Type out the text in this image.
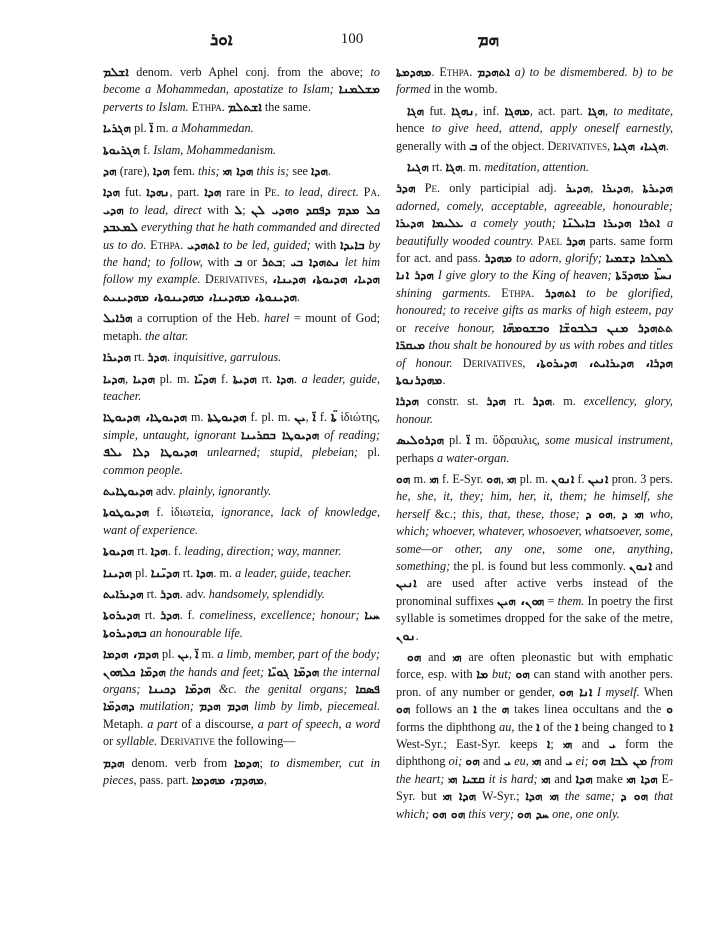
ܐܘܪ	100	ܗܡ

ܐܫܠܡ denom. verb Aphel conj. from the above; to become a Mohammedan, apostatize to Islam; ܡܫܠܡܢܐ perverts to Islam. Ethpa. ܐܫܬܠܡ the same.

ܗܓܪܝܐ pl. ܐ̈ m. a Mohammedan.

ܗܓܪܝܘܬܐ f. Islam, Mohammedanism.

ܗܕ (rare), ܗܕܐ fem. this; ܗܕܐ ܗܝ this is; see ܗܕܐ.

ܗܕܐ fut. ܢܗܕܐ, part. ܗܕܐ rare in Pe. to lead, direct. Pa. ܗܕܝ to lead, direct with ܠ; ܟܠ ܡܕܡ ܕܦܩܕ ܘܗܕܝ ܠܢ ܠܡܥܒܕ everything that he hath commanded and directed us to do. Ethpa. ܐܬܗܕܝ to be led, guided; with ܒܐܝܕܐ by the hand; to follow, with ܒ or ܒܬܪ; ܢܬܗܕܐ ܒܝ let him follow my example. Derivatives, ܗܕܝܐ، ܗܕܝܘܬܐ، ܗܕܝܢܐ، ܗܕܝܢܘܬܐ، ܡܗܕܝܢܐ، ܡܗܕܝܢܘܬܐ، ܡܗܕܝܢܝܬ.

ܗܪܐܝܠ a corruption of the Heb. harel = mount of God; metaph. the altar.

ܗܕܝܪܐ rt. ܗܕܪ. inquisitive, garrulous.

ܗܕܝܐ, ܗܕܝܐ pl. m. ܗܕܝ̈ܐ f. ܗܕܝܬܐ rt. ܗܕܐ. a leader, guide, teacher.

ܗܕܝܘܛܐ، ܗܕܝܘܛܐ m. ܗܕܝܘܛܬܐ f. pl. m. ܝܢ, ܐ̈ f. ܬܐ̈ ἰδιώτης, simple, untaught, ignorant ܗܕܝܘܛܐ ܒܩܪܝܢܐ of reading; ܗܕܝܘܛܐ ܕܠܐ ܝܠܦ unlearned; stupid, plebeian; pl. common people.

ܗܕܝܘܛܐܝܬ adv. plainly, ignorantly.

ܗܕܝܘܛܘܬܐ f. ἰδιωτεία, ignorance, lack of knowledge, want of experience.

ܗܕܝܘܬܐ rt. ܗܕܐ. f. leading, direction; way, manner.

ܗܕܝܢܐ pl. ܗܕܝ̈ܢܐ rt. ܗܕܐ. m. a leader, guide, teacher.

ܗܕܝܪܐܝܬ rt. ܗܕܪ. adv. handsomely, splendidly.

ܗܕܝܪܘܬܐ rt. ܗܕܪ. f. comeliness, excellence; honour; ܚܝܐ ܒܗܕܝܪܘܬܐ an honourable life.

ܗܕܡ، ܗܕܡܐ pl. ܝܢ, ܐ̈ m. a limb, member, part of the body; ܗܕܡ̈ܐ ܟܠܗܘܢ the hands and feet; ܗܕܡ̈ܐ ܓܘܝ̈ܐ the internal organs; ܗܕܡ̈ܐ ܕܟܝܢܐ &c. the genital organs; ܦܣܩܐ ܕܗܕܡ̈ܐ mutilation; ܗܕܡ ܗܕܡ limb by limb, piecemeal. Metaph. a part of a discourse, a part of speech, a word or syllable. Derivative the following—

ܗܕܡ denom. verb from ܗܕܡܐ; to dismember, cut in pieces, pass. part. ܡܗܕܡ، ܡܗܕܡܐ,

ܡܗܕܡܬܐ. Ethpa. ܐܬܗܕܡ a) to be dismembered. b) to be formed in the womb.

ܗܓܐ fut. ܢܗܓܐ, inf. ܡܗܓܐ, act. part. ܗܓܐ, to meditate, hence to give heed, attend, apply oneself earnestly, generally with ܒ of the object. Derivatives, ܗܓܝܐ، ܗܓܝܐ.

ܗܓܝܐ rt. ܗܓܐ. m. meditation, attention.

ܗܕܪ Pe. only participial adj. ܗܕܝܪ, ܗܕܝܪܐ, ܗܕܝܪܬܐ adorned, comely, acceptable, agreeable, honourable; ܥܠܝܡܐ ܗܕܝܪܐ a comely youth; ܐܬܪܐ ܗܕܝܪܐ ܒܐܝܠܢ̈ܐ a beautifully wooded country. Pael ܗܕܪ parts. same form for act. and pass. ܡܗܕܪ to adorn, glorify; ܠܡܠܟܐ ܕܫܡܝܐ ܗܕܪ ܐܢܐ I give glory to the King of heaven; ܢܚܬ̈ܐ ܡܗܕܪ̈ܬܐ shining garments. Ethpa. ܐܬܗܕܪ to be glorified, honoured; to receive gifts as marks of high esteem, pay or receive honour, ܬܬܗܕܪ ܡܢܢ ܒܠܒܘܫ̈ܐ ܘܒܫܘܡܗ̈ܐ ܡܝܩܪ̈ܐ thou shalt be honoured by us with robes and titles of honour. Derivatives, ܗܕܪܐ، ܗܕܝܪܐܝܬ، ܗܕܝܪܘܬܐ، ܡܗܕܪܢܘܬܐ.

ܗܕܪܐ constr. st. ܗܕܪ rt. ܗܕܪ. m. excellency, glory, honour.

ܗܕܪܘܠܝܣ pl. ܐ̈ m. ὕδραυλις, some musical instrument, perhaps a water-organ.

ܗܘ m. ܗܝ f. E-Syr. ܗܘ, ܗܝ pl. m. ܐܢܘܢ f. ܐܢܝܢ pron. 3 pers. he, she, it, they; him, her, it, them; he himself, she herself &c.; this, that, these, those; ܗܘ ܕ, ܗܝ ܕ who, which; whoever, whatever, whosoever, whatsoever, some, some—or other, any one, some one, anything, something; the pl. is found but less commonly. ܐܢܘܢ and ܐܢܝܢ are used after active verbs instead of the pronominal suffixes ܗܘܢ، ܗܝܢ = them. In poetry the first syllable is sometimes dropped for the sake of the metre, ܢܘܢ.

ܗܘ and ܗܝ are often pleonastic but with emphatic force, esp. with ܡܐ but; ܗܘ can stand with another pers. pron. of any number or gender, ܐܢܐ ܗܘ I myself. When ܗܘ follows an ܐ the ܗ takes linea occultans and the ܘ forms the diphthong au, the ܐ of the ܐ being changed to ܐ West-Syr.; East-Syr. keeps ܐ; ܗܝ and ܝ form the diphthong oi; ܗܘ and ܝ eu, ܗܝ and ܝ ei; ܡܢ ܠܒܐ ܗܘ from the heart; ܩܫܝܐ ܗܝ it is hard; ܗܝ and ܗܕܐ make ܗܕܐ ܗܝ E-Syr. but ܗܕܐ ܗܝ W-Syr.; ܗܝ ܗܕܐ the same; ܗܘ ܕ that which; ܗܘ ܗܘ this very; ܚܕ ܗܘ one, one only.
